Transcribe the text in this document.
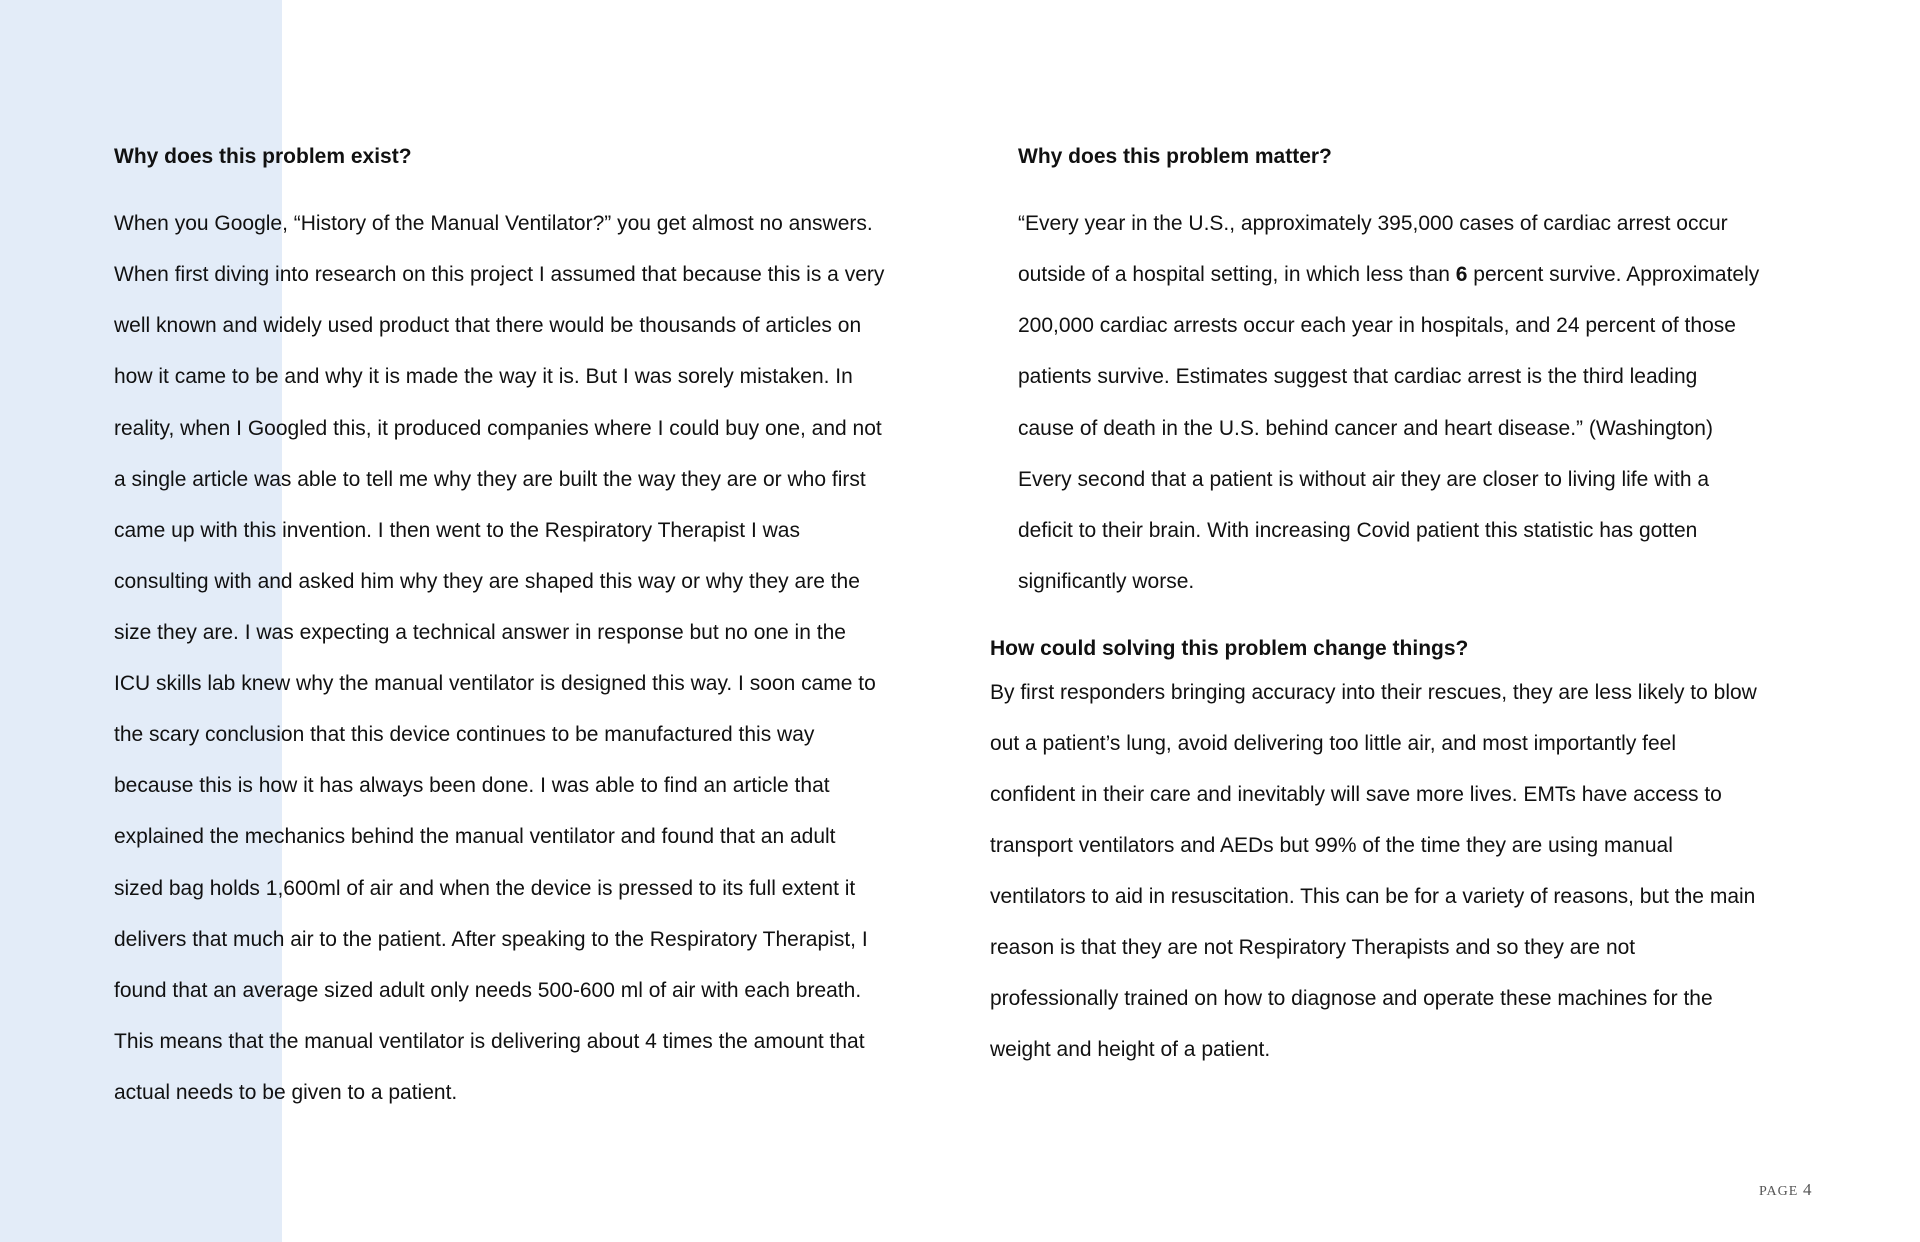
Why does this problem exist?

When you Google, “History of the Manual Ventilator?” you get almost no answers.

When first diving into research on this project I assumed that because this is a very

well known and widely used product that there would be thousands of articles on

how it came to be and why it is made the way it is. But I was sorely mistaken. In

reality, when I Googled this, it produced companies where I could buy one, and not

a single article was able to tell me why they are built the way they are or who first

came up with this invention. I then went to the Respiratory Therapist I was

consulting with and asked him why they are shaped this way or why they are the

size they are. I was expecting a technical answer in response but no one in the

ICU skills lab knew why the manual ventilator is designed this way. I soon came to

the scary conclusion that this device continues to be manufactured this way

because this is how it has always been done. I was able to find an article that

explained the mechanics behind the manual ventilator and found that an adult

sized bag holds 1,600ml of air and when the device is pressed to its full extent it

delivers that much air to the patient. After speaking to the Respiratory Therapist, I

found that an average sized adult only needs 500-600 ml of air with each breath.

This means that the manual ventilator is delivering about 4 times the amount that

actual needs to be given to a patient.

Why does this problem matter?

“Every year in the U.S., approximately 395,000 cases of cardiac arrest occur

outside of a hospital setting, in which less than 6 percent survive. Approximately

200,000 cardiac arrests occur each year in hospitals, and 24 percent of those

patients survive. Estimates suggest that cardiac arrest is the third leading

cause of death in the U.S. behind cancer and heart disease.” (Washington)

Every second that a patient is without air they are closer to living life with a

deficit to their brain. With increasing Covid patient this statistic has gotten

significantly worse.

How could solving this problem change things?

By first responders bringing accuracy into their rescues, they are less likely to blow

out a patient’s lung, avoid delivering too little air, and most importantly feel

confident in their care and inevitably will save more lives. EMTs have access to

transport ventilators and AEDs but 99% of the time they are using manual

ventilators to aid in resuscitation. This can be for a variety of reasons, but the main

reason is that they are not Respiratory Therapists and so they are not

professionally trained on how to diagnose and operate these machines for the

weight and height of a patient.

PAGE 4
